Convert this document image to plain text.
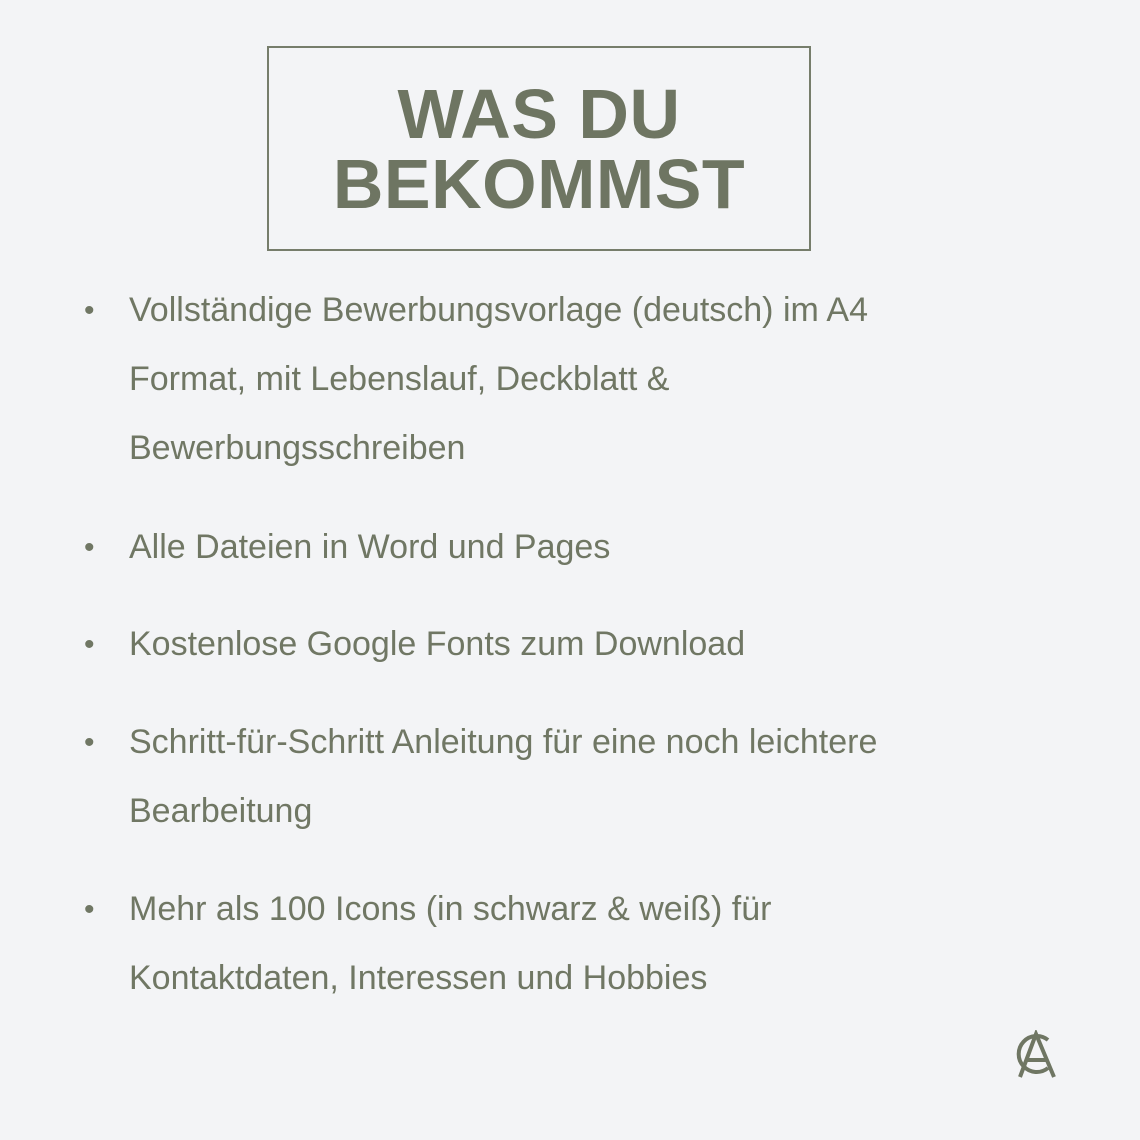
WAS DU
BEKOMMST
• Vollständige Bewerbungsvorlage (deutsch) im A4 Format, mit Lebenslauf, Deckblatt & Bewerbungsschreiben
• Alle Dateien in Word und Pages
• Kostenlose Google Fonts zum Download
• Schritt-für-Schritt Anleitung für eine noch leichtere Bearbeitung
• Mehr als 100 Icons (in schwarz & weiß) für Kontaktdaten, Interessen und Hobbies
